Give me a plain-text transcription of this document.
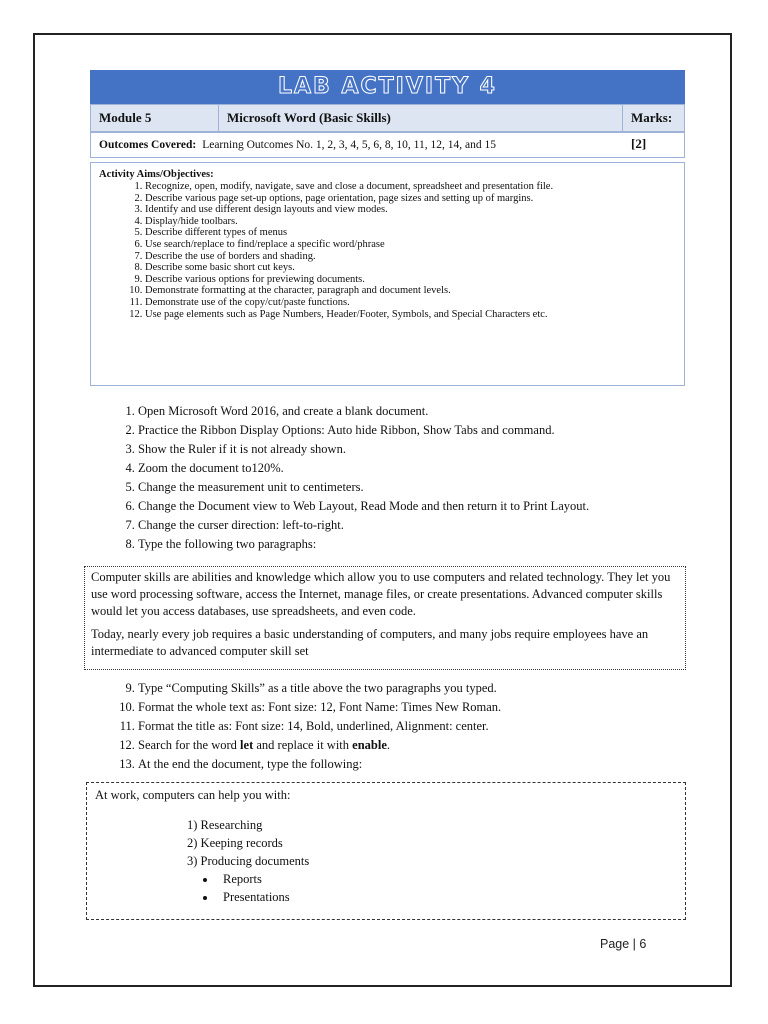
LAB ACTIVITY 4
Module 5	Microsoft Word (Basic Skills)	Marks: [2]
Outcomes Covered: Learning Outcomes No. 1, 2, 3, 4, 5, 6, 8, 10, 11, 12, 14, and 15
Activity Aims/Objectives:
1. Recognize, open, modify, navigate, save and close a document, spreadsheet and presentation file.
2. Describe various page set-up options, page orientation, page sizes and setting up of margins.
3. Identify and use different design layouts and view modes.
4. Display/hide toolbars.
5. Describe different types of menus
6. Use search/replace to find/replace a specific word/phrase
7. Describe the use of borders and shading.
8. Describe some basic short cut keys.
9. Describe various options for previewing documents.
10. Demonstrate formatting at the character, paragraph and document levels.
11. Demonstrate use of the copy/cut/paste functions.
12. Use page elements such as Page Numbers, Header/Footer, Symbols, and Special Characters etc.
1. Open Microsoft Word 2016, and create a blank document.
2. Practice the Ribbon Display Options: Auto hide Ribbon, Show Tabs and command.
3. Show the Ruler if it is not already shown.
4. Zoom the document to120%.
5. Change the measurement unit to centimeters.
6. Change the Document view to Web Layout, Read Mode and then return it to Print Layout.
7. Change the curser direction: left-to-right.
8. Type the following two paragraphs:

Computer skills are abilities and knowledge which allow you to use computers and related technology. They let you use word processing software, access the Internet, manage files, or create presentations. Advanced computer skills would let you access databases, use spreadsheets, and even code.

Today, nearly every job requires a basic understanding of computers, and many jobs require employees have an intermediate to advanced computer skill set

9. Type “Computing Skills” as a title above the two paragraphs you typed.
10. Format the whole text as: Font size: 12, Font Name: Times New Roman.
11. Format the title as: Font size: 14, Bold, underlined, Alignment: center.
12. Search for the word let and replace it with enable.
13. At the end the document, type the following:
At work, computers can help you with:
1) Researching
2) Keeping records
3) Producing documents
• Reports
• Presentations
Page | 6
